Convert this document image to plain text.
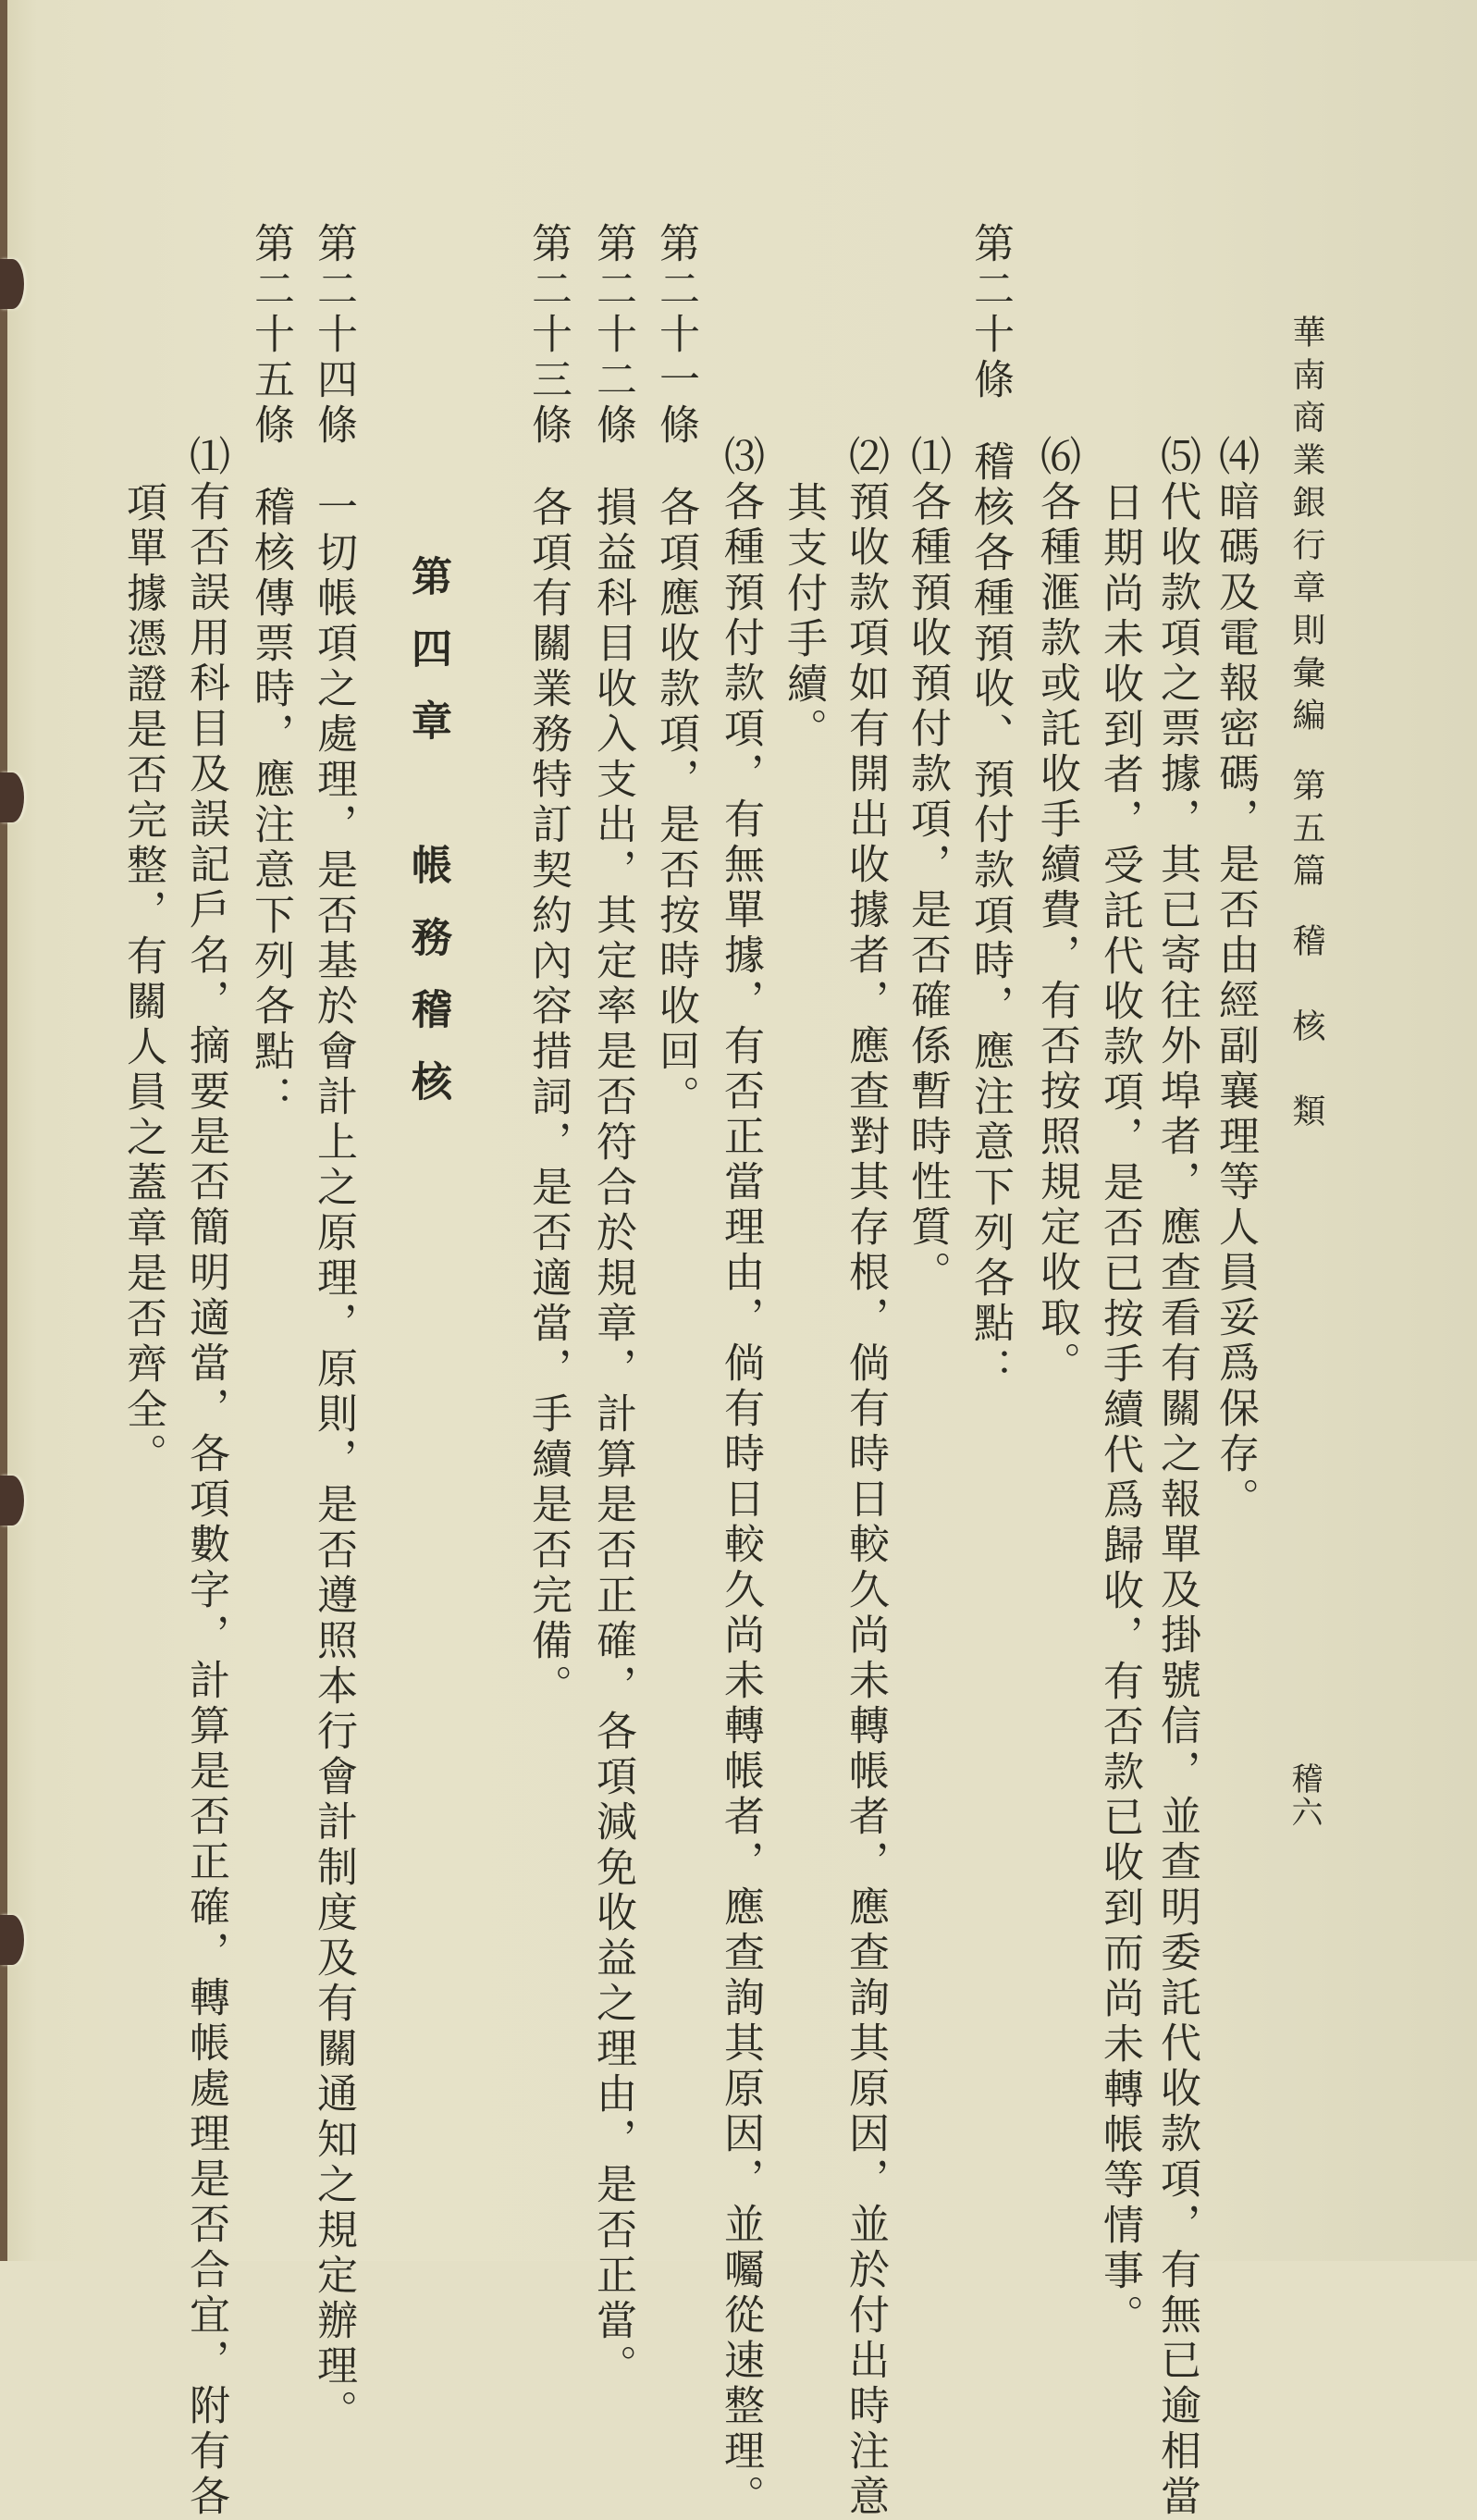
華南商業銀行章則彙編第五篇稽　核　類
稽六
⑷暗碼及電報密碼，是否由經副襄理等人員妥爲保存。
⑸代收款項之票據，其已寄往外埠者，應查看有關之報單及掛號信，並查明委託代收款項，有無已逾相當
日期尚未收到者，受託代收款項，是否已按手續代爲歸收，有否款已收到而尚未轉帳等情事。
⑹各種滙款或託收手續費，有否按照規定收取。
第二十條稽核各種預收、預付款項時，應注意下列各點：
⑴各種預收預付款項，是否確係暫時性質。
⑵預收款項如有開出收據者，應查對其存根，倘有時日較久尚未轉帳者，應查詢其原因，並於付出時注意
其支付手續。
⑶各種預付款項，有無單據，有否正當理由，倘有時日較久尚未轉帳者，應查詢其原因，並囑從速整理。
第二十一條各項應收款項，是否按時收回。
第二十二條損益科目收入支出，其定率是否符合於規章，計算是否正確，各項減免收益之理由，是否正當。
第二十三條各項有關業務特訂契約內容措詞，是否適當，手續是否完備。
第四章　帳務稽核
第二十四條一切帳項之處理，是否基於會計上之原理，原則，是否遵照本行會計制度及有關通知之規定辦理。
第二十五條稽核傳票時，應注意下列各點：
⑴有否誤用科目及誤記戶名，摘要是否簡明適當，各項數字，計算是否正確，轉帳處理是否合宜，附有各
項單據憑證是否完整，有關人員之蓋章是否齊全。
